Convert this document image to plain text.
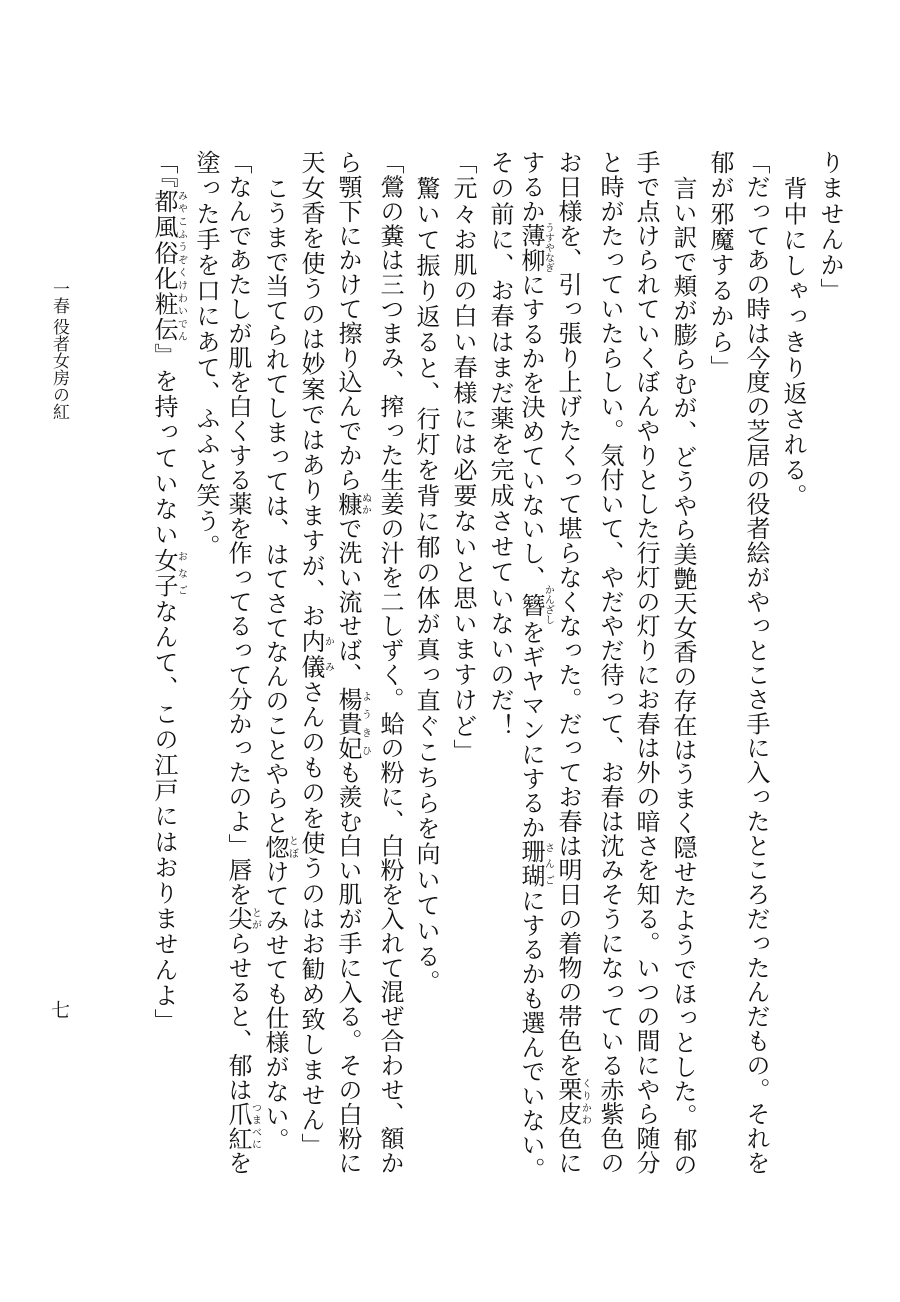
りませんか」
背中にしゃっきり返される。
「だってあの時は今度の芝居の役者絵がやっとこさ手に入ったところだったんだもの。それを
郁が邪魔するから」
言い訳で頬が膨らむが、どうやら美艶天女香の存在はうまく隠せたようでほっとした。郁の
手で点けられていくぼんやりとした行灯の灯りにお春は外の暗さを知る。いつの間にやら随分
と時がたっていたらしい。気付いて、やだやだ待って、お春は沈みそうになっている赤紫色の
お日様を、引っ張り上げたくって堪らなくなった。だってお春は明日の着物の帯色を栗皮くりかわ色に
するか薄柳うすやなぎにするかを決めていないし、簪かんざしをギヤマンにするか珊瑚さんごにするかも選んでいない。
その前に、お春はまだ薬を完成させていないのだ！
「元々お肌の白い春様には必要ないと思いますけど」
驚いて振り返ると、行灯を背に郁の体が真っ直ぐこちらを向いている。
「鶯の糞は三つまみ、搾った生姜の汁を二しずく。蛤の粉に、白粉を入れて混ぜ合わせ、額か
ら顎下にかけて擦り込んでから糠ぬかで洗い流せば、楊貴妃ようきひも羨む白い肌が手に入る。その白粉に
天女香を使うのは妙案ではありますが、お内儀かみさんのものを使うのはお勧め致しません」
こうまで当てられてしまっては、はてさてなんのことやらと惚とぼけてみせても仕様がない。
「なんであたしが肌を白くする薬を作ってるって分かったのよ」唇を尖とがらせると、郁は爪紅つまべにを
塗った手を口にあて、ふふと笑う。
「『都風俗化粧伝みやこふうぞくけわいでん』を持っていない女子おなごなんて、この江戸にはおりませんよ」
一春
役者女房の紅
七
